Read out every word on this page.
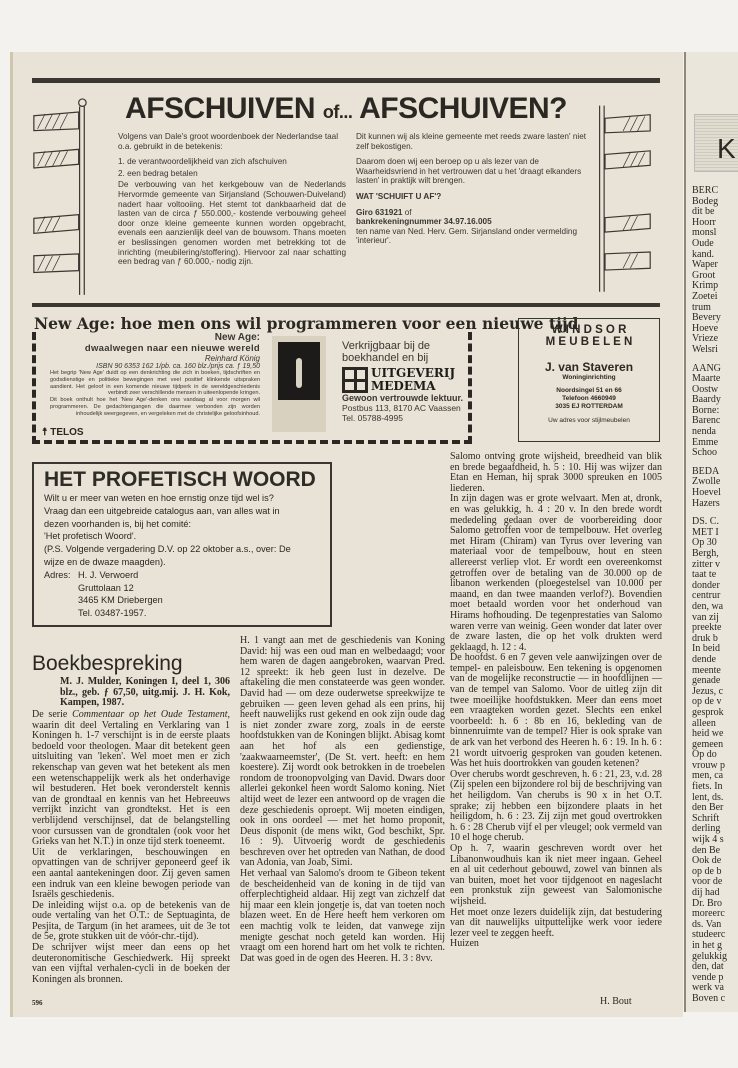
K
BERC
Bodeg
dit be
Hoorr
monsl
Oude
kand.
Waper
Groot
Krimp
Zoetei
trum
Bevery
Hoeve
Vrieze
Welsri
AANG
Maarte
Oostw
Baardy
Borne:
Barenc
nenda
Emme
Schoo
BEDA
Zwolle
Hoevel
Hazers
DS. C.
MET I
Op 30
Bergh,
zitter v
taat te
donder
centrur
den, wa
van zij
preekte
druk b
In beid
dende
meente
genade
Jezus, c
op de v
gesprok
alleen
heid we
gemeen
Op do
vrouw p
men, ca
fiets. In
lent, ds.
den Ber
Schrift
derling
wijk 4 s
den Be
Ook de
op de b
voor de
dij had
Dr. Bro
moreerc
ds. Van
studeerc
in het g
gelukkig
den, dat
vende p
werk va
Boven c
AFSCHUIVEN of... AFSCHUIVEN?

Volgens van Dale's groot woordenboek der Nederlandse taal o.a. gebruikt in de betekenis:

1. de verantwoordelijkheid van zich afschuiven

2. een bedrag betalen

De verbouwing van het kerkgebouw van de Nederlands Hervormde gemeente van Sirjansland (Schouwen-Duiveland) nadert haar voltooiing. Het stemt tot dankbaarheid dat de lasten van de circa ƒ 550.000,- kostende verbouwing geheel door onze kleine gemeente kunnen worden opgebracht, evenals een aanzienlijk deel van de bouwsom. Thans moeten er beslissingen genomen worden met betrekking tot de inrichting (meubilering/stoffering). Hiervoor zal naar schatting een bedrag van ƒ 60.000,- nodig zijn.

Dit kunnen wij als kleine gemeente met reeds zware lasten' niet zelf bekostigen.

Daarom doen wij een beroep op u als lezer van de Waarheidsvriend in het vertrouwen dat u het 'draagt elkanders lasten' in praktijk wilt brengen.

WAT 'SCHUIFT U AF'?

Giro 631921 of
bankrekeningnummer 34.97.16.005
ten name van Ned. Herv. Gem. Sirjansland onder vermelding 'interieur'.
New Age: hoe men ons wil programmeren voor een nieuwe tijd
New Age:
dwaalwegen naar een nieuwe wereld
Reinhard König
ISBN 90 6353 162 1/pb. ca. 160 blz./prijs ca. ƒ 19,50
Het begrip 'New Age' duidt op een denkrichting die zich in boeken, tijdschriften en godsdienstige en politieke bewegingen met veel positief klinkende uitspraken aandient. Het geloof in een komende nieuwe tijdperk in de wereldgeschiedenis verbindt zeer verschillende mensen in uiteenlopende kringen.
Dit boek onthult hoe het 'New Age'-denken ons vandaag al voor morgen wil programmeren. De gedachtengangen die daarmee verbonden zijn worden inhoudelijk weergegeven, en vergeleken met de christelijke geloofsinhoud.
☨ TELOS
Verkrijgbaar bij de boekhandel en bij
UITGEVERIJ
MEDEMA
Gewoon vertrouwde lektuur.
Postbus 113, 8170 AC Vaassen
Tel. 05788-4995
W I N D S O R
M E U B E L E N
J. van Staveren
Woninginrichting
Noordsingel 51 en 66
Telefoon 4660949
3035 EJ ROTTERDAM
Uw adres voor stijlmeubelen
HET PROFETISCH WOORD
Wilt u er meer van weten en hoe ernstig onze tijd wel is?
Vraag dan een uitgebreide catalogus aan, van alles wat in
dezen voorhanden is, bij het comité:
'Het profetisch Woord'.
(P.S. Volgende vergadering D.V. op 22 oktober a.s., over: De
wijze en de dwaze maagden).
Adres: H. J. Verwoerd
Gruttolaan 12
3465 KM Driebergen
Tel. 03487-1957.
Boekbespreking
M. J. Mulder, Koningen I, deel 1, 306 blz., geb. ƒ 67,50, uitg.mij. J. H. Kok, Kampen, 1987.

De serie Commentaar op het Oude Testament, waarin dit deel Vertaling en Verklaring van 1 Koningen h. 1-7 verschijnt is in de eerste plaats bedoeld voor theologen. Maar dit betekent geen uitsluiting van 'leken'. Wel moet men er zich rekenschap van geven wat het betekent als men een wetenschappelijk werk als het onderhavige wil bestuderen. Het boek veronderstelt kennis van de grondtaal en kennis van het Hebreeuws verrijkt inzicht van grondtekst. Het is een verblijdend verschijnsel, dat de belangstelling voor cursussen van de grondtalen (ook voor het Grieks van het N.T.) in onze tijd sterk toeneemt.

Uit de verklaringen, beschouwingen en opvattingen van de schrijver geponeerd geef ik een aantal aantekeningen door. Zij geven samen een indruk van een kleine bewogen periode van Israëls geschiedenis.

De inleiding wijst o.a. op de betekenis van de oude vertaling van het O.T.: de Septuaginta, de Pesjita, de Targum (in het aramees, uit de 3e tot de 5e, grote stukken uit de vóór-chr.-tijd).

De schrijver wijst meer dan eens op het deuteronomitische Geschiedwerk. Hij spreekt van een vijftal verhalen-cycli in de boeken der Koningen als bronnen.

H. 1 vangt aan met de geschiedenis van Koning David: hij was een oud man en welbedaagd; voor hem waren de dagen aangebroken, waarvan Pred. 12 spreekt: ik heb geen lust in dezelve. De aftakeling die men constateerde was geen wonder. David had — om deze ouderwetse spreekwijze te gebruiken — geen leven gehad als een prins, hij heeft nauwelijks rust gekend en ook zijn oude dag is niet zonder zware zorg, zoals in de eerste hoofdstukken van de Koningen blijkt. Abisag komt aan het hof als een gedienstige, 'zaakwaarneemster', (De St. vert. heeft: en hem koestere). Zij wordt ook betrokken in de troebelen rondom de troonopvolging van David. Dwars door allerlei gekonkel heen wordt Salomo koning. Niet altijd weet de lezer een antwoord op de vragen die deze geschiedenis oproept. Wij moeten eindigen, ook in ons oordeel — met het homo proponit, Deus disponit (de mens wikt, God beschikt, Spr. 16 : 9). Uitvoerig wordt de geschiedenis beschreven over het optreden van Nathan, de dood van Adonia, van Joab, Simi.

Het verhaal van Salomo's droom te Gibeon tekent de bescheidenheid van de koning in de tijd van offerplechtigheid aldaar. Hij zegt van zichzelf dat hij maar een klein jongetje is, dat van toeten noch blazen weet. En de Here heeft hem verkoren om een machtig volk te leiden, dat vanwege zijn menigte geschat noch geteld kan worden. Hij vraagt om een horend hart om het volk te richten. Dat was goed in de ogen des Heeren. H. 3 : 8vv.

Salomo ontving grote wijsheid, breedheid van blik en brede begaafdheid, h. 5 : 10. Hij was wijzer dan Etan en Heman, hij sprak 3000 spreuken en 1005 liederen.

In zijn dagen was er grote welvaart. Men at, dronk, en was gelukkig, h. 4 : 20 v. In den brede wordt mededeling gedaan over de voorbereiding door Salomo getroffen voor de tempelbouw. Het overleg met Hiram (Chiram) van Tyrus over levering van materiaal voor de tempelbouw, hout en steen allereerst verliep vlot. Er wordt een overeenkomst getroffen over de betaling van de 30.000 op de libanon werkenden (ploegestelsel van 10.000 per maand, en dan twee maanden verlof?). Bovendien moet betaald worden voor het onderhoud van Hirams hofhouding. De tegenprestaties van Salomo waren verre van weinig. Geen wonder dat later over de zware lasten, die op het volk drukten werd geklaagd, h. 12 : 4.

De hoofdst. 6 en 7 geven vele aanwijzingen over de tempel- en paleisbouw. Een tekening is opgenomen van de mogelijke reconstructie — in hoofdlijnen — van de tempel van Salomo. Voor de uitleg zijn dit twee moeilijke hoofdstukken. Meer dan eens moet een vraagteken worden gezet. Slechts een enkel voorbeeld: h. 6 : 8b en 16, bekleding van de binnenruimte van de tempel? Hier is ook sprake van de ark van het verbond des Heeren h. 6 : 19. In h. 6 : 21 wordt uitvoerig gesproken van gouden ketenen. Was het huis doortrokken van gouden ketenen?

Over cherubs wordt geschreven, h. 6 : 21, 23, v.d. 28 (Zij spelen een bijzondere rol bij de beschrijving van het heiligdom. Van cherubs is 90 x in het O.T. sprake; zij hebben een bijzondere plaats in het heiligdom, h. 6 : 23. Zij zijn met goud overtrokken h. 6 : 28 Cherub vijf el per vleugel; ook vermeld van 10 el hoge cherub.

Op h. 7, waarin geschreven wordt over het Libanonwoudhuis kan ik niet meer ingaan. Geheel en al uit cederhout gebouwd, zowel van binnen als van buiten, moet het voor tijdgenoot en nageslacht een pronkstuk zijn geweest van Salomonische wijsheid.

Het moet onze lezers duidelijk zijn, dat bestudering van dit nauwelijks uitputtelijke werk voor iedere lezer veel te zeggen heeft.

Huizen

H. Bout
596
